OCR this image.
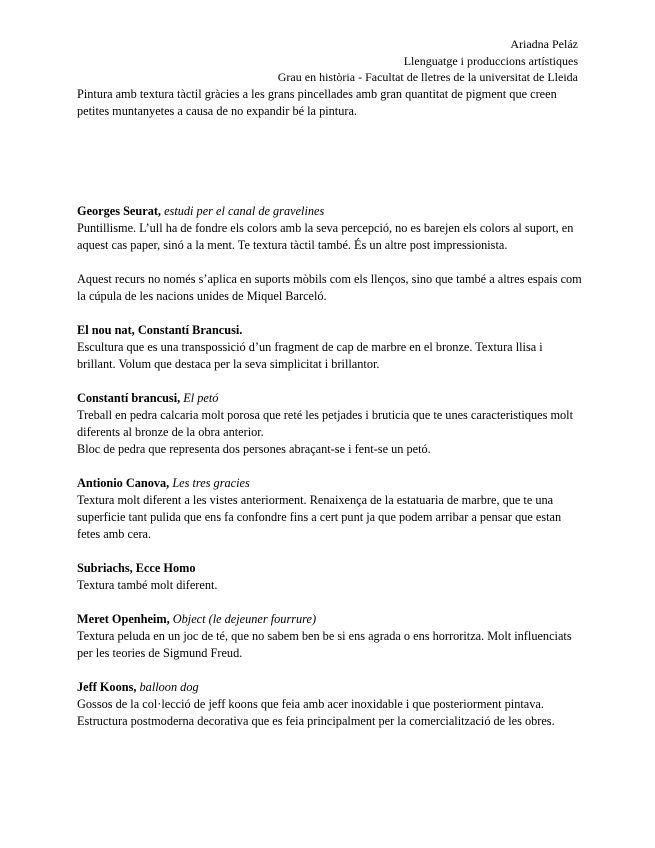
Ariadna Peláz
Llenguatge i produccions artístiques
Grau en història - Facultat de lletres de la universitat de Lleida

Pintura amb textura tàctil gràcies a les grans pincellades amb gran quantitat de pigment que creen petites muntanyetes a causa de no expandir bé la pintura.

Georges Seurat, estudi per el canal de gravelines

Puntillisme. L’ull ha de fondre els colors amb la seva percepció, no es barejen els colors al suport, en aquest cas paper, sinó a la ment. Te textura tàctil també. És un altre post impressionista.

Aquest recurs no només s’aplica en suports mòbils com els llenços, sino que també a altres espais com la cúpula de les nacions unides de Miquel Barceló.

El nou nat, Constantí Brancusi.

Escultura que es una transpossició d’un fragment de cap de marbre en el bronze. Textura llisa i brillant. Volum que destaca per la seva simplicitat i brillantor.

Constantí brancusi, El petó

Treball en pedra calcaria molt porosa que reté les petjades i bruticia que te unes caracteristiques molt diferents al bronze de la obra anterior.

Bloc de pedra que representa dos persones abraçant-se i fent-se un petó.

Antionio Canova, Les tres gracies

Textura molt diferent a les vistes anteriorment. Renaixença de la estatuaria de marbre, que te una superficie tant pulida que ens fa confondre fins a cert punt ja que podem arribar a pensar que estan fetes amb cera.

Subriachs, Ecce Homo

Textura també molt diferent.

Meret Openheim, Object (le dejeuner fourrure)

Textura peluda en un joc de té, que no sabem ben be si ens agrada o ens horroritza. Molt influenciats per les teories de Sigmund Freud.

Jeff Koons, balloon dog

Gossos de la col·lecció de jeff koons que feia amb acer inoxidable i que posteriorment pintava. Estructura postmoderna decorativa que es feia principalment per la comercialització de les obres.
